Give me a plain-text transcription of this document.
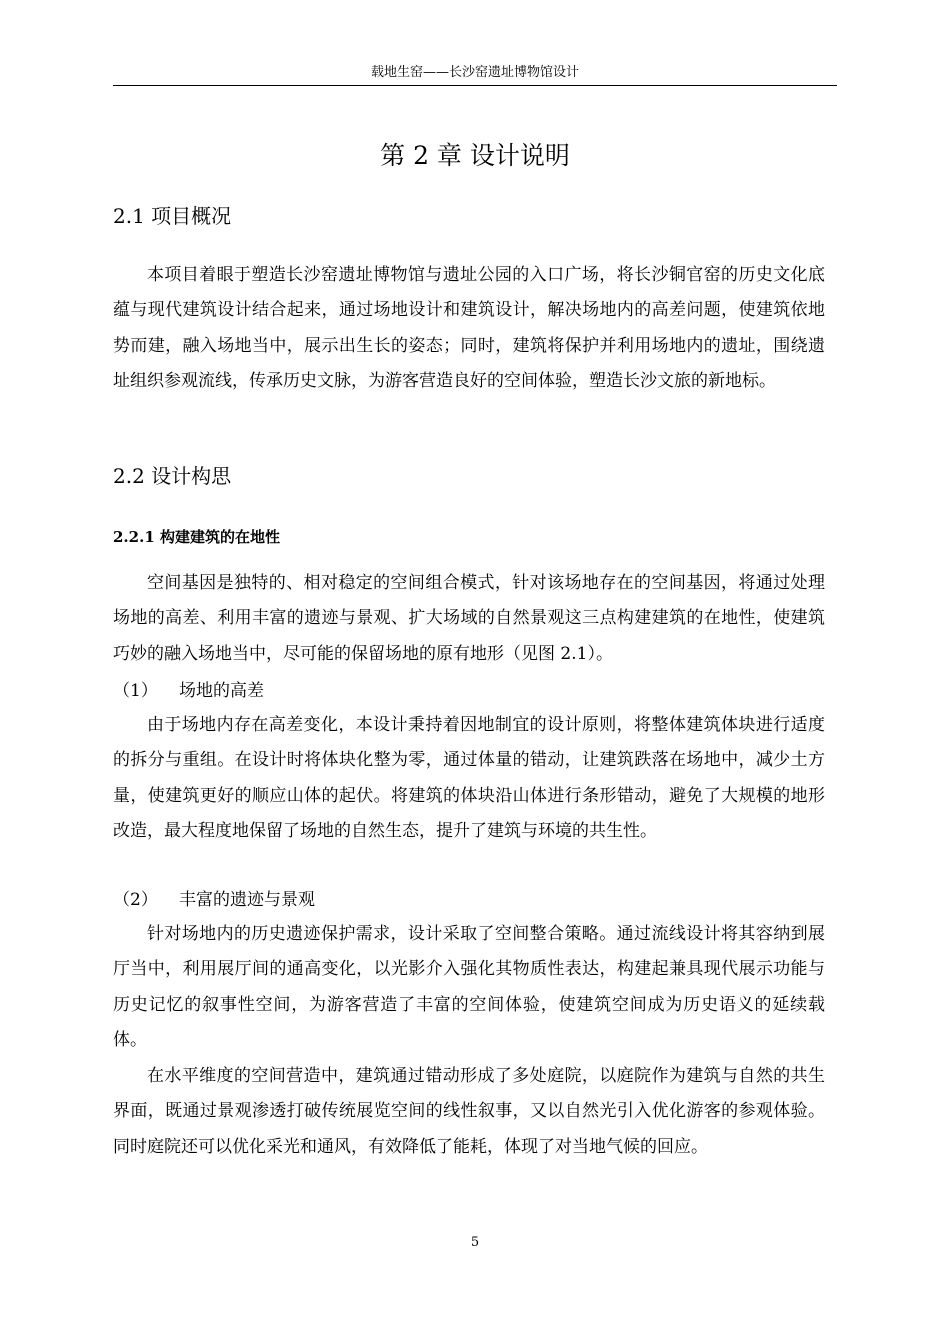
载地生窑——长沙窑遗址博物馆设计
第 2 章 设计说明
2.1 项目概况

本项目着眼于塑造长沙窑遗址博物馆与遗址公园的入口广场，将长沙铜官窑的历史文化底蕴与现代建筑设计结合起来，通过场地设计和建筑设计，解决场地内的高差问题，使建筑依地势而建，融入场地当中，展示出生长的姿态；同时，建筑将保护并利用场地内的遗址，围绕遗址组织参观流线，传承历史文脉，为游客营造良好的空间体验，塑造长沙文旅的新地标。

2.2 设计构思
2.2.1 构建建筑的在地性

空间基因是独特的、相对稳定的空间组合模式，针对该场地存在的空间基因，将通过处理场地的高差、利用丰富的遗迹与景观、扩大场域的自然景观这三点构建建筑的在地性，使建筑巧妙的融入场地当中，尽可能的保留场地的原有地形（见图 2.1）。

（1） 场地的高差

由于场地内存在高差变化，本设计秉持着因地制宜的设计原则，将整体建筑体块进行适度的拆分与重组。在设计时将体块化整为零，通过体量的错动，让建筑跌落在场地中，减少土方量，使建筑更好的顺应山体的起伏。将建筑的体块沿山体进行条形错动，避免了大规模的地形改造，最大程度地保留了场地的自然生态，提升了建筑与环境的共生性。

（2） 丰富的遗迹与景观

针对场地内的历史遗迹保护需求，设计采取了空间整合策略。通过流线设计将其容纳到展厅当中，利用展厅间的通高变化，以光影介入强化其物质性表达，构建起兼具现代展示功能与历史记忆的叙事性空间，为游客营造了丰富的空间体验，使建筑空间成为历史语义的延续载体。

在水平维度的空间营造中，建筑通过错动形成了多处庭院，以庭院作为建筑与自然的共生界面，既通过景观渗透打破传统展览空间的线性叙事，又以自然光引入优化游客的参观体验。同时庭院还可以优化采光和通风，有效降低了能耗，体现了对当地气候的回应。

5
